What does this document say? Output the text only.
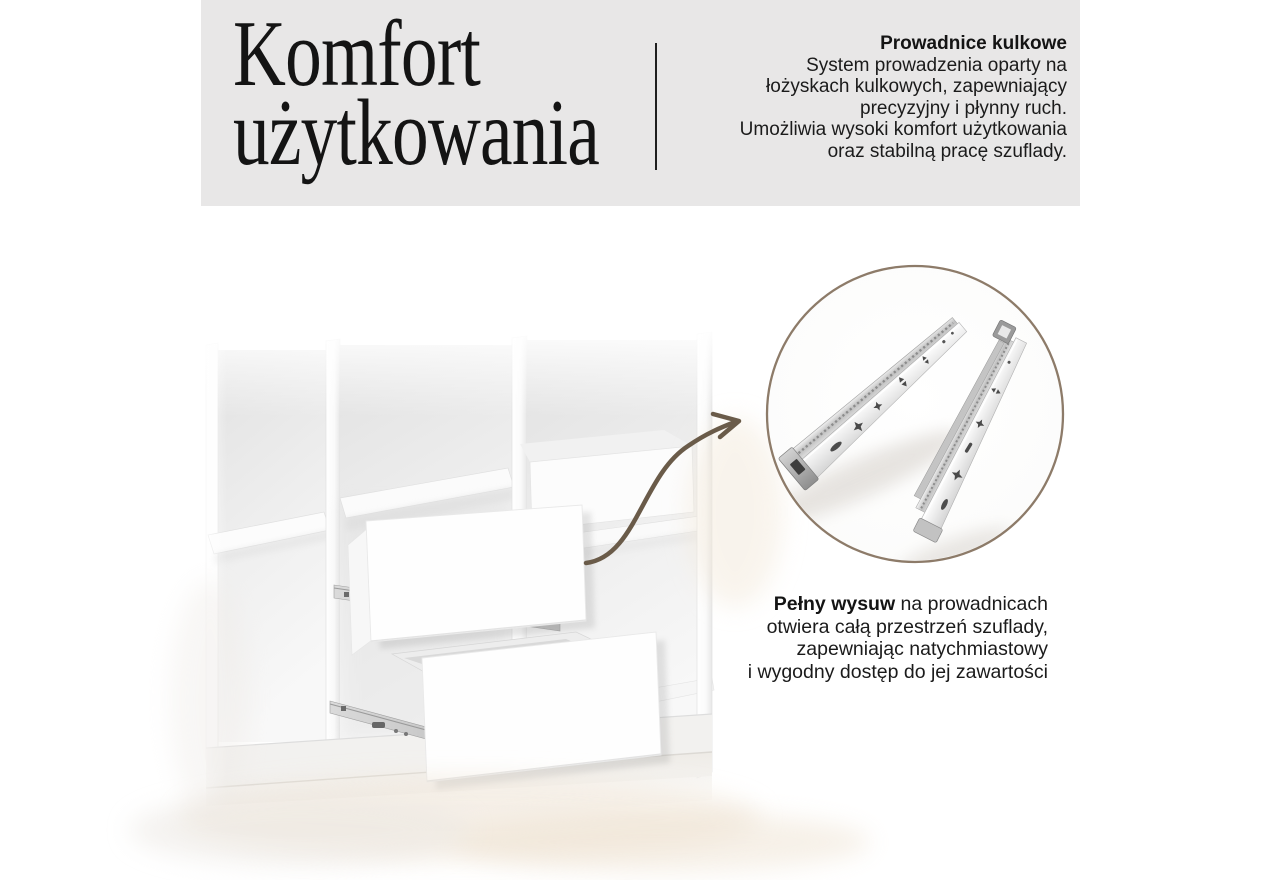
Komfort
użytkowania
Prowadnice kulkowe
System prowadzenia oparty na
łożyskach kulkowych, zapewniający
precyzyjny i płynny ruch.
Umożliwia wysoki komfort użytkowania
oraz stabilną pracę szuflady.
Pełny wysuw na prowadnicach
otwiera całą przestrzeń szuflady,
zapewniając natychmiastowy
i wygodny dostęp do jej zawartości
